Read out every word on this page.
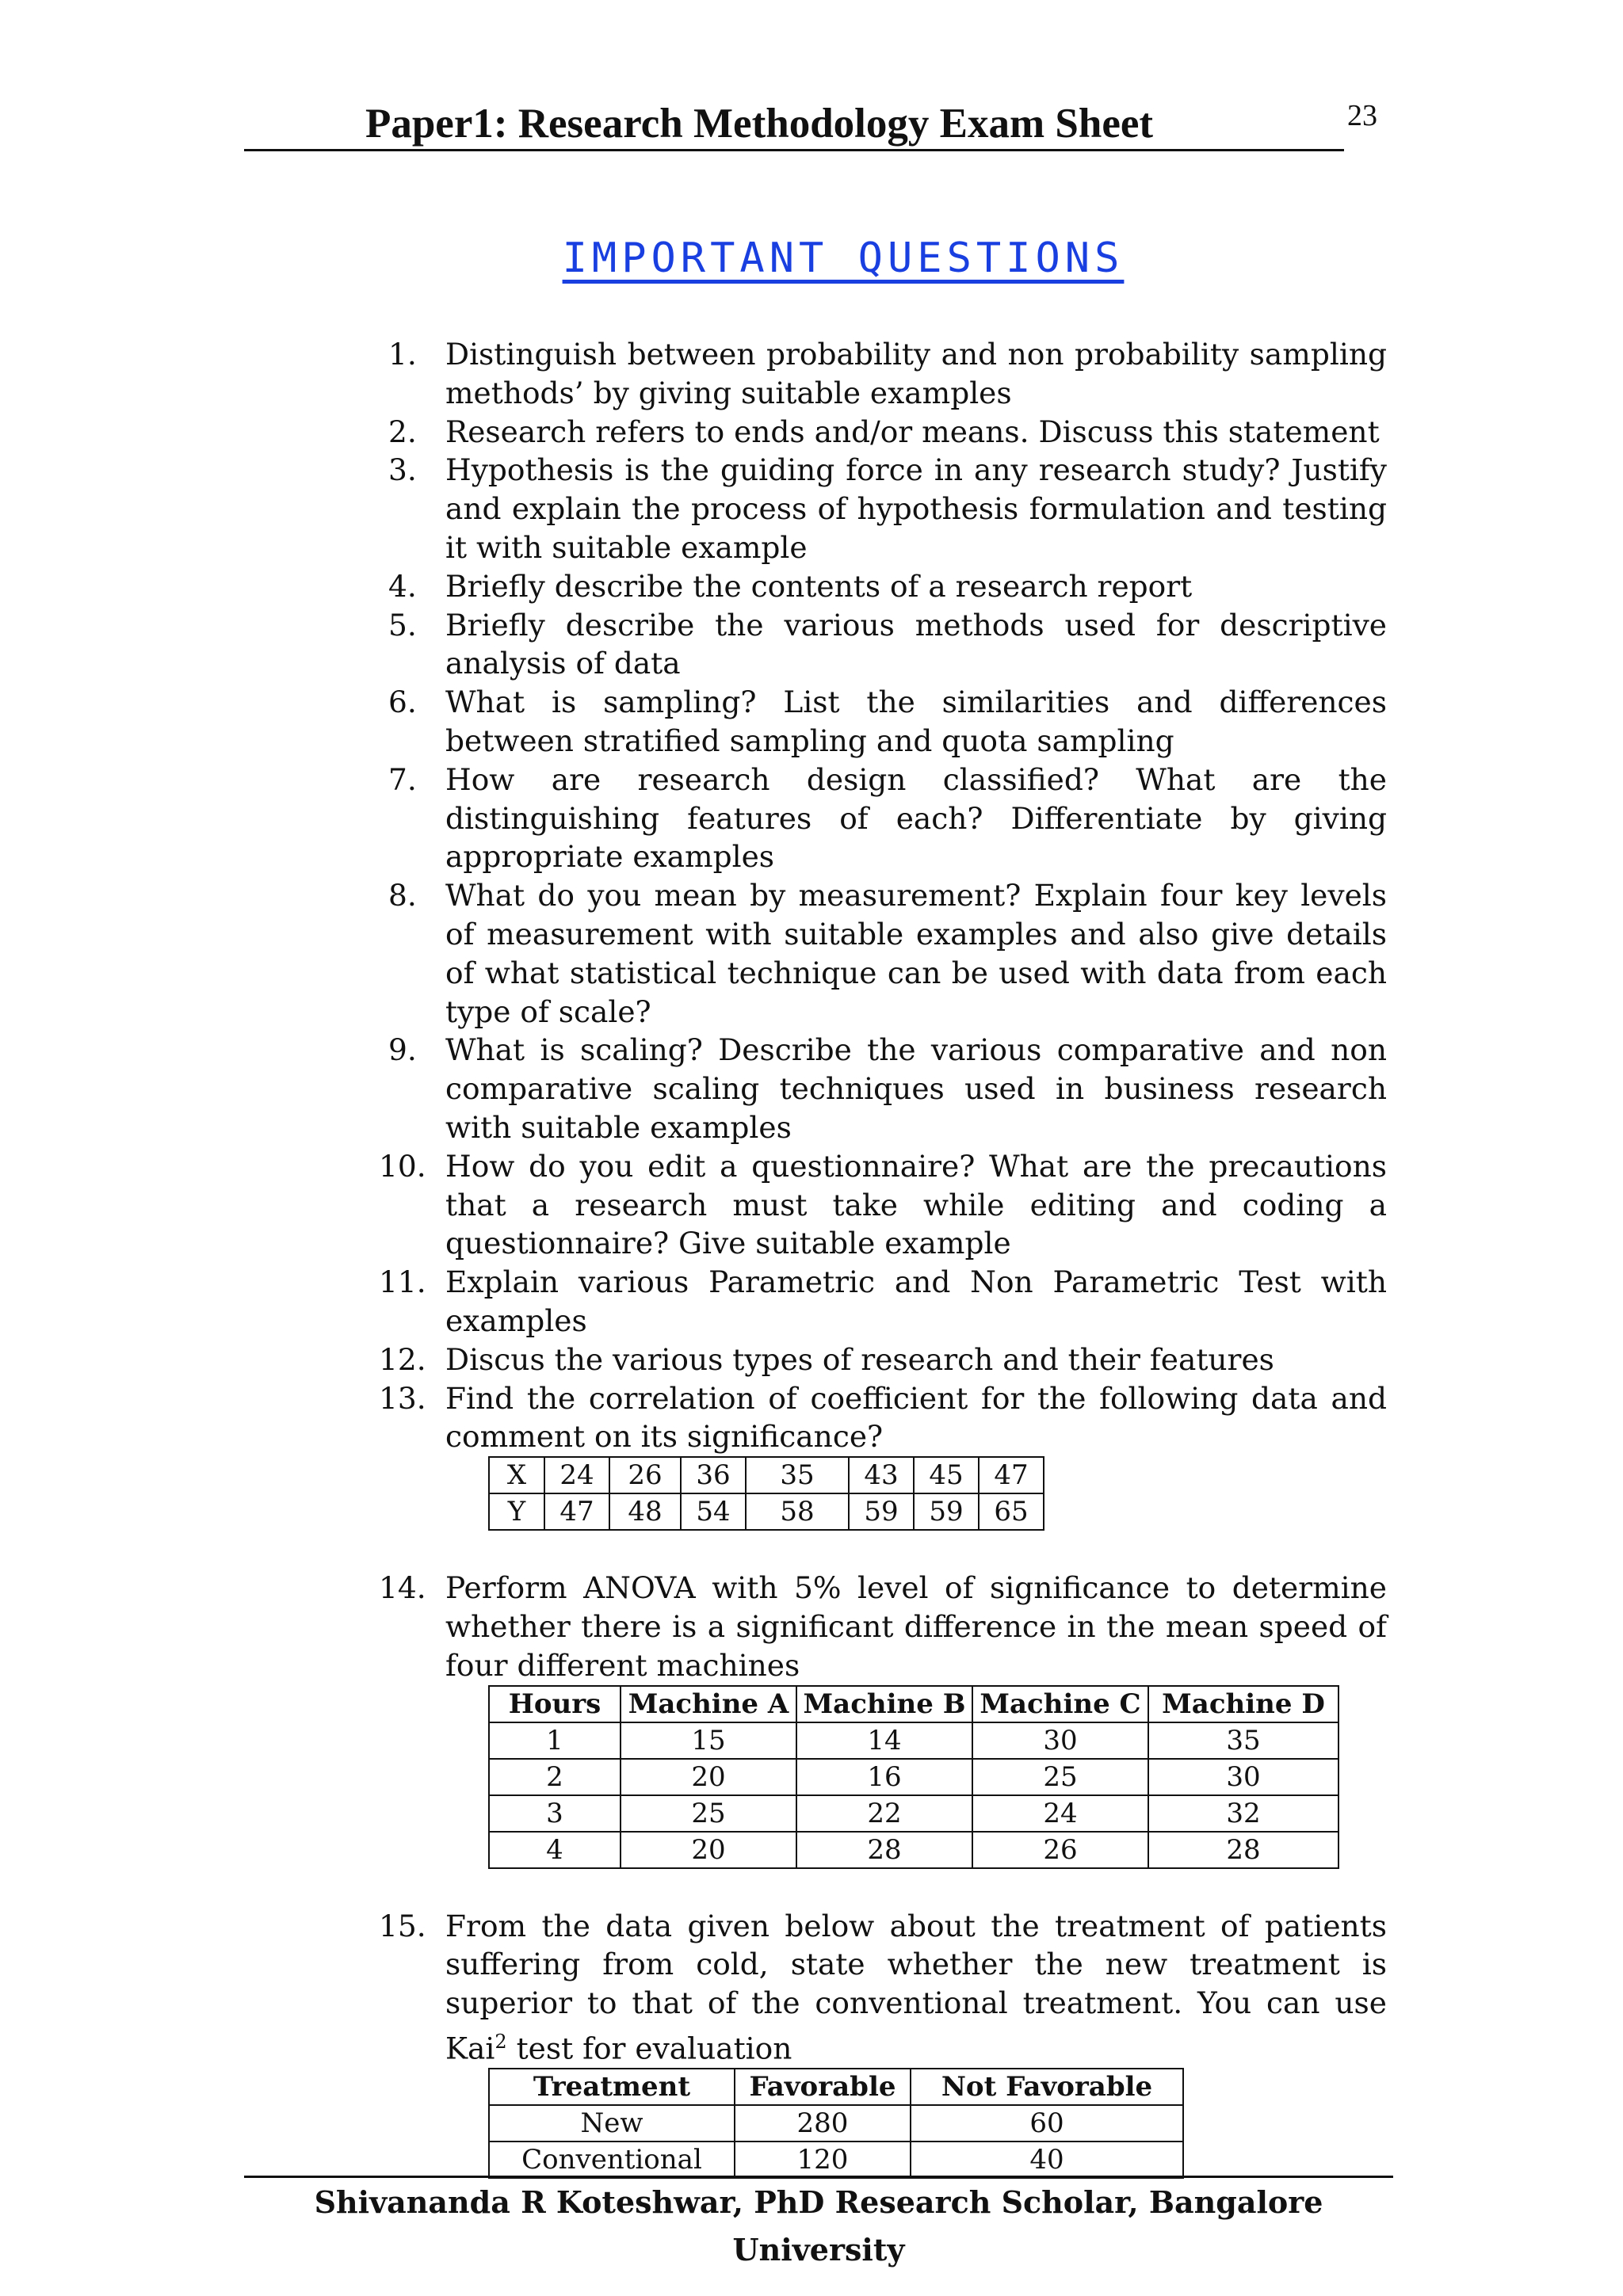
Paper1: Research Methodology Exam Sheet	23
IMPORTANT QUESTIONS
1. Distinguish between probability and non probability sampling methods’ by giving suitable examples
2. Research refers to ends and/or means. Discuss this statement
3. Hypothesis is the guiding force in any research study? Justify and explain the process of hypothesis formulation and testing it with suitable example
4. Briefly describe the contents of a research report
5. Briefly describe the various methods used for descriptive analysis of data
6. What is sampling? List the similarities and differences between stratified sampling and quota sampling
7. How are research design classified? What are the distinguishing features of each? Differentiate by giving appropriate examples
8. What do you mean by measurement? Explain four key levels of measurement with suitable examples and also give details of what statistical technique can be used with data from each type of scale?
9. What is scaling? Describe the various comparative and non comparative scaling techniques used in business research with suitable examples
10. How do you edit a questionnaire? What are the precautions that a research must take while editing and coding a questionnaire? Give suitable example
11. Explain various Parametric and Non Parametric Test with examples
12. Discus the various types of research and their features
13. Find the correlation of coefficient for the following data and comment on its significance?
X	24	26	36	35	43	45	47
Y	47	48	54	58	59	59	65
14. Perform ANOVA with 5% level of significance to determine whether there is a significant difference in the mean speed of four different machines
Hours	Machine A	Machine B	Machine C	Machine D
1	15	14	30	35
2	20	16	25	30
3	25	22	24	32
4	20	28	26	28
15. From the data given below about the treatment of patients suffering from cold, state whether the new treatment is superior to that of the conventional treatment. You can use Kai$^2$ test for evaluation
Treatment	Favorable	Not Favorable
New	280	60
Conventional	120	40
Shivananda R Koteshwar, PhD Research Scholar, Bangalore University
